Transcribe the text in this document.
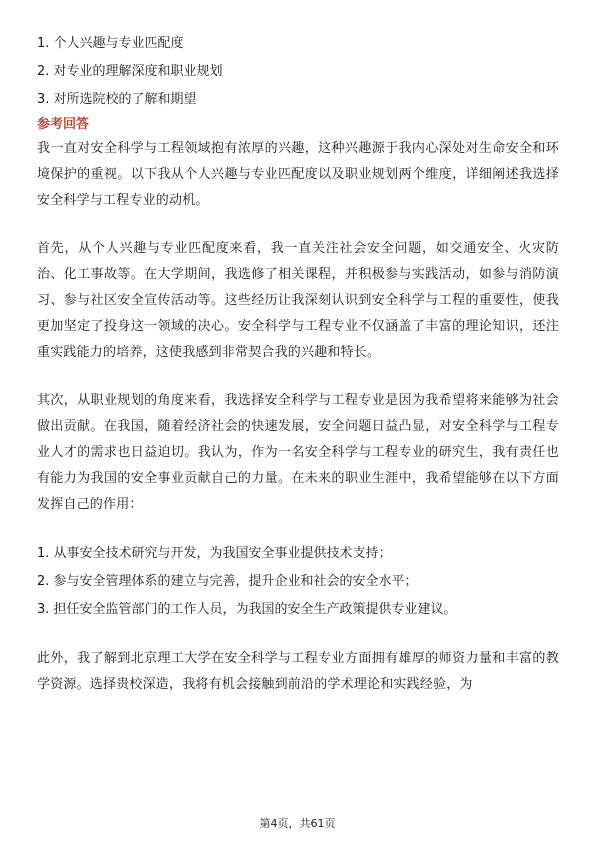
1. 个人兴趣与专业匹配度
2. 对专业的理解深度和职业规划
3. 对所选院校的了解和期望
参考回答

我一直对安全科学与工程领域抱有浓厚的兴趣，这种兴趣源于我内心深处对生命安全和环境保护的重视。以下我从个人兴趣与专业匹配度以及职业规划两个维度，详细阐述我选择安全科学与工程专业的动机。

首先，从个人兴趣与专业匹配度来看，我一直关注社会安全问题，如交通安全、火灾防治、化工事故等。在大学期间，我选修了相关课程，并积极参与实践活动，如参与消防演习、参与社区安全宣传活动等。这些经历让我深刻认识到安全科学与工程的重要性，使我更加坚定了投身这一领域的决心。安全科学与工程专业不仅涵盖了丰富的理论知识，还注重实践能力的培养，这使我感到非常契合我的兴趣和特长。

其次，从职业规划的角度来看，我选择安全科学与工程专业是因为我希望将来能够为社会做出贡献。在我国，随着经济社会的快速发展，安全问题日益凸显，对安全科学与工程专业人才的需求也日益迫切。我认为，作为一名安全科学与工程专业的研究生，我有责任也有能力为我国的安全事业贡献自己的力量。在未来的职业生涯中，我希望能够在以下方面发挥自己的作用：

1. 从事安全技术研究与开发，为我国安全事业提供技术支持；
2. 参与安全管理体系的建立与完善，提升企业和社会的安全水平；
3. 担任安全监管部门的工作人员，为我国的安全生产政策提供专业建议。

此外，我了解到北京理工大学在安全科学与工程专业方面拥有雄厚的师资力量和丰富的教学资源。选择贵校深造，我将有机会接触到前沿的学术理论和实践经验，为

第4页，共61页
